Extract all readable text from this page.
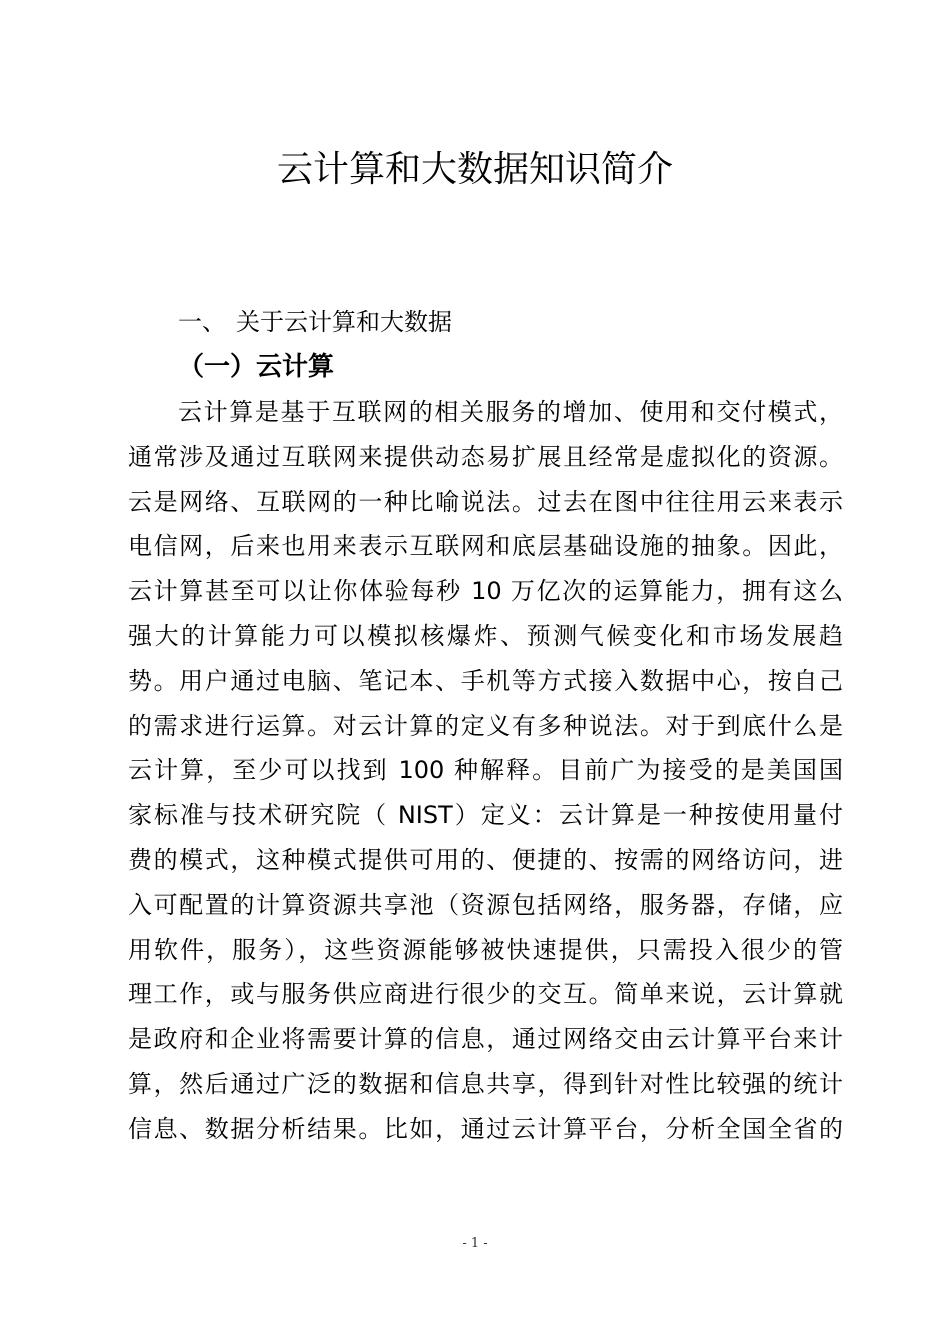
云计算和大数据知识简介
一、 关于云计算和大数据
（一）云计算
云计算是基于互联网的相关服务的增加、使用和交付模式，
通常涉及通过互联网来提供动态易扩展且经常是虚拟化的资源。
云是网络、互联网的一种比喻说法。过去在图中往往用云来表示
电信网，后来也用来表示互联网和底层基础设施的抽象。因此，
云计算甚至可以让你体验每秒 10 万亿次的运算能力，拥有这么
强大的计算能力可以模拟核爆炸、预测气候变化和市场发展趋
势。用户通过电脑、笔记本、手机等方式接入数据中心，按自己
的需求进行运算。对云计算的定义有多种说法。对于到底什么是
云计算，至少可以找到 100 种解释。目前广为接受的是美国国
家标准与技术研究院（ NIST）定义：云计算是一种按使用量付
费的模式，这种模式提供可用的、便捷的、按需的网络访问，进
入可配置的计算资源共享池（资源包括网络，服务器，存储，应
用软件，服务），这些资源能够被快速提供，只需投入很少的管
理工作，或与服务供应商进行很少的交互。简单来说，云计算就
是政府和企业将需要计算的信息，通过网络交由云计算平台来计
算，然后通过广泛的数据和信息共享，得到针对性比较强的统计
信息、数据分析结果。比如，通过云计算平台，分析全国全省的
- 1 -
